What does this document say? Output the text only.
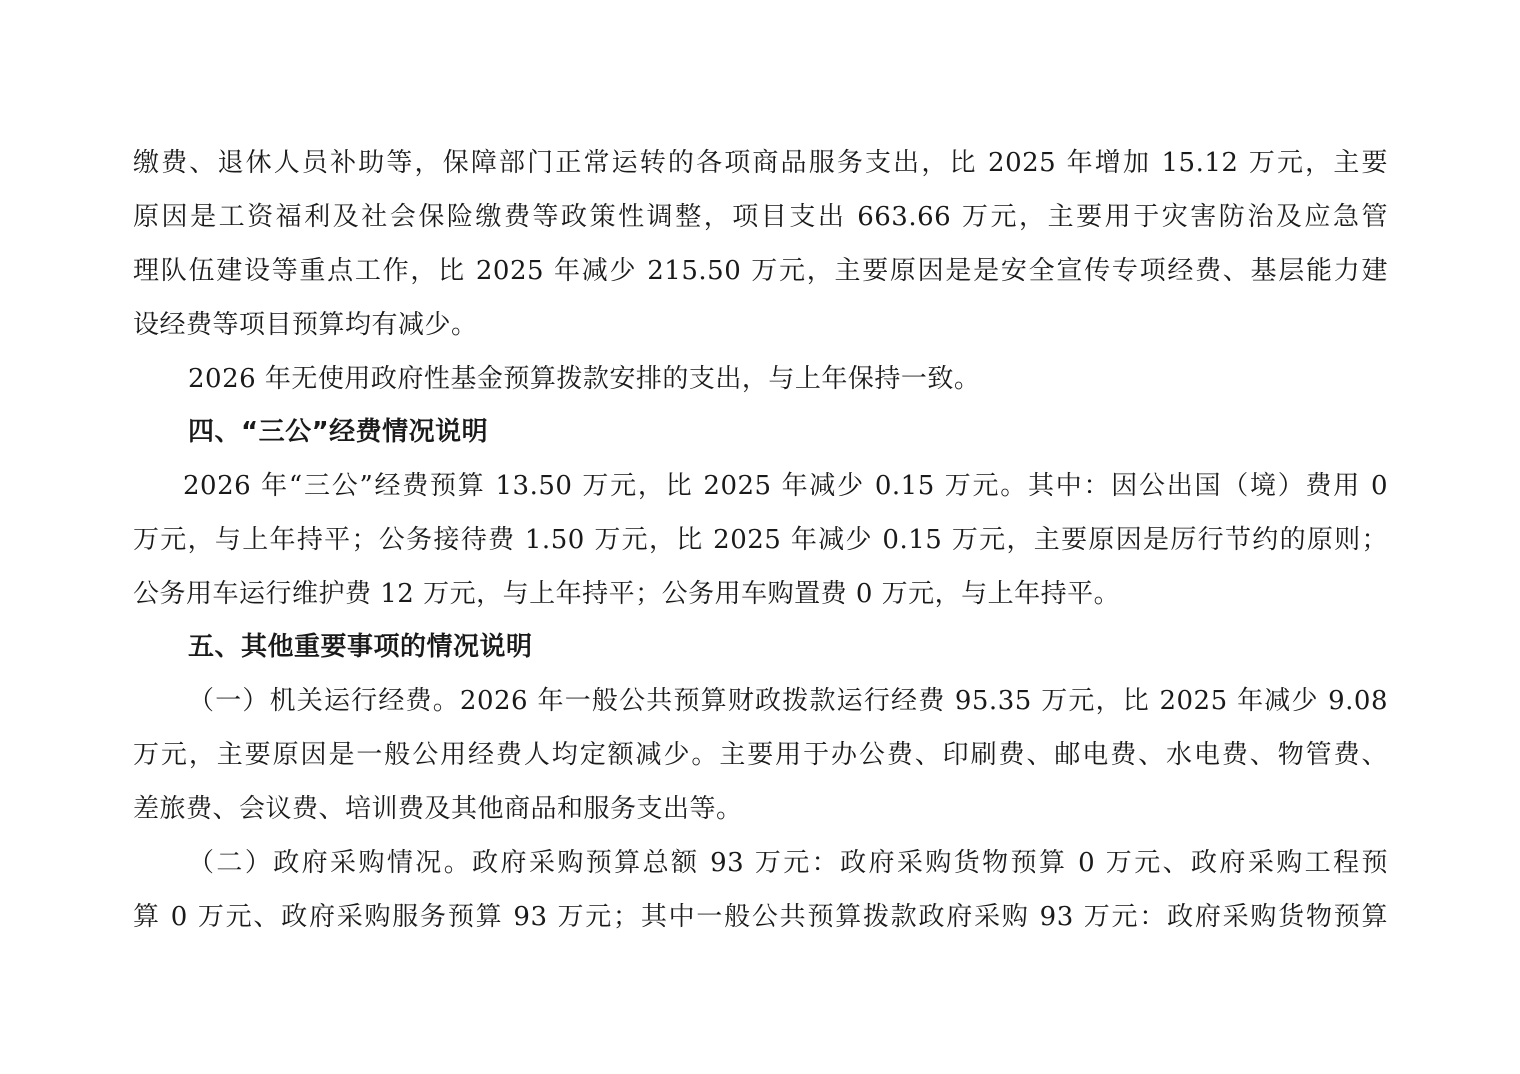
缴费、退休人员补助等，保障部门正常运转的各项商品服务支出，比 2025 年增加 15.12 万元，主要
原因是工资福利及社会保险缴费等政策性调整，项目支出 663.66 万元，主要用于灾害防治及应急管
理队伍建设等重点工作，比 2025 年减少 215.50 万元，主要原因是是安全宣传专项经费、基层能力建
设经费等项目预算均有减少。
2026 年无使用政府性基金预算拨款安排的支出，与上年保持一致。
四、“三公”经费情况说明
2026 年“三公”经费预算 13.50 万元，比 2025 年减少 0.15 万元。其中：因公出国（境）费用 0
万元，与上年持平；公务接待费 1.50 万元，比 2025 年减少 0.15 万元，主要原因是厉行节约的原则；
公务用车运行维护费 12 万元，与上年持平；公务用车购置费 0 万元，与上年持平。
五、其他重要事项的情况说明
（一）机关运行经费。2026 年一般公共预算财政拨款运行经费 95.35 万元，比 2025 年减少 9.08
万元，主要原因是一般公用经费人均定额减少。主要用于办公费、印刷费、邮电费、水电费、物管费、
差旅费、会议费、培训费及其他商品和服务支出等。
（二）政府采购情况。政府采购预算总额 93 万元：政府采购货物预算 0 万元、政府采购工程预
算 0 万元、政府采购服务预算 93 万元；其中一般公共预算拨款政府采购 93 万元：政府采购货物预算
